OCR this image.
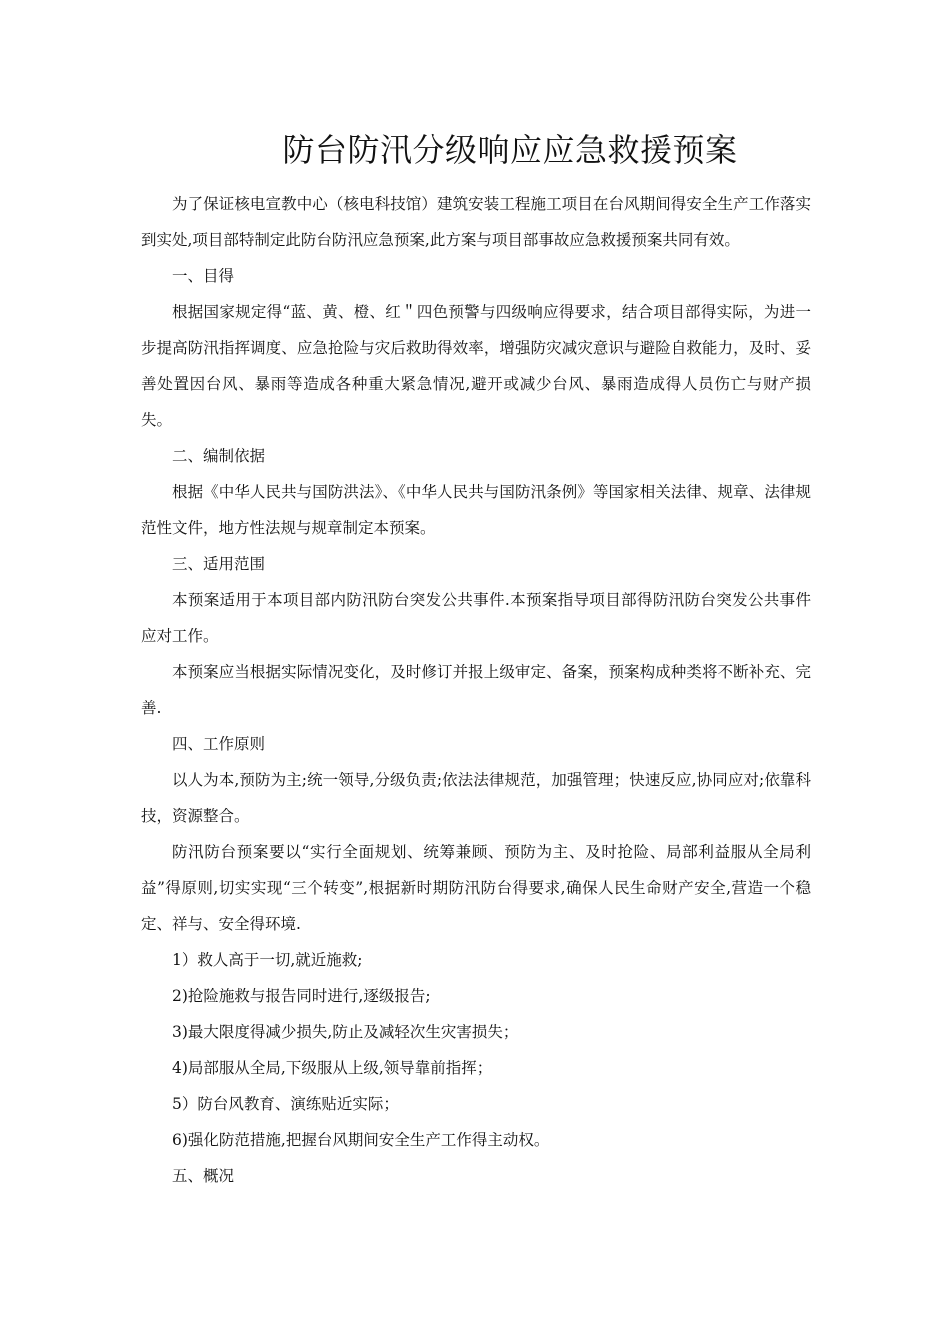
防台防汛分级响应应急救援预案

为了保证核电宣教中心（核电科技馆）建筑安装工程施工项目在台风期间得安全生产工作落实到实处,项目部特制定此防台防汛应急预案,此方案与项目部事故应急救援预案共同有效。

一、目得

根据国家规定得“蓝、黄、橙、红＂四色预警与四级响应得要求，结合项目部得实际，为进一步提高防汛指挥调度、应急抢险与灾后救助得效率，增强防灾减灾意识与避险自救能力，及时、妥善处置因台风、暴雨等造成各种重大紧急情况,避开或减少台风、暴雨造成得人员伤亡与财产损失。

二、编制依据

根据《中华人民共与国防洪法》、《中华人民共与国防汛条例》等国家相关法律、规章、法律规范性文件，地方性法规与规章制定本预案。

三、适用范围

本预案适用于本项目部内防汛防台突发公共事件.本预案指导项目部得防汛防台突发公共事件应对工作。

本预案应当根据实际情况变化，及时修订并报上级审定、备案，预案构成种类将不断补充、完善.

四、工作原则

以人为本,预防为主;统一领导,分级负责;依法法律规范，加强管理；快速反应,协同应对;依靠科技，资源整合。

防汛防台预案要以“实行全面规划、统筹兼顾、预防为主、及时抢险、局部利益服从全局利益”得原则,切实实现“三个转变”,根据新时期防汛防台得要求,确保人民生命财产安全,营造一个稳定、祥与、安全得环境.

1）救人高于一切,就近施救;

2)抢险施救与报告同时进行,逐级报告;

3)最大限度得减少损失,防止及减轻次生灾害损失；

4)局部服从全局,下级服从上级,领导靠前指挥；

5）防台风教育、演练贴近实际；

6)强化防范措施,把握台风期间安全生产工作得主动权。

五、概况
